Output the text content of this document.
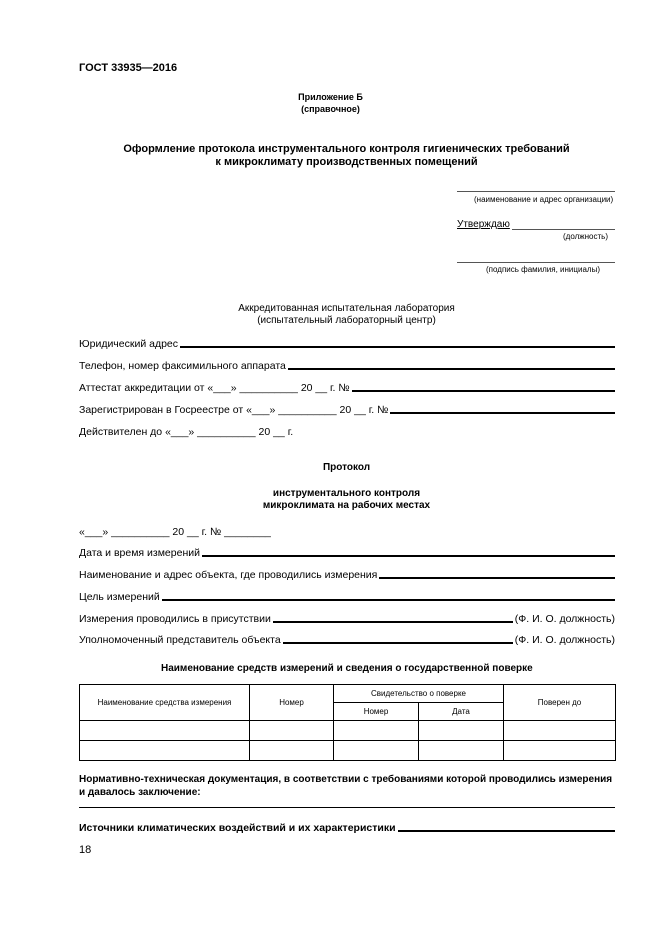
ГОСТ 33935—2016
Приложение Б
(справочное)
Оформление протокола инструментального контроля гигиенических требований
к микроклимату производственных помещений
(наименование и адрес организации)
Утверждаю
(должность)
(подпись фамилия, инициалы)
Аккредитованная испытательная лаборатория
(испытательный лабораторный центр)
Юридический адрес
Телефон, номер факсимильного аппарата
Аттестат аккредитации от «___» __________ 20 __ г. №
Зарегистрирован в Госреестре от «___» __________ 20 __ г. №
Действителен до «___» __________ 20 __ г.
Протокол
инструментального контроля
микроклимата на рабочих местах
«___» __________ 20 __ г. № ________
Дата и время измерений
Наименование и адрес объекта, где проводились измерения
Цель измерений
Измерения проводились в присутствии	(Ф. И. О. должность)
Уполномоченный представитель объекта	(Ф. И. О. должность)
Наименование средств измерений и сведения о государственной поверке
Наименование средства измерения	Номер	Свидетельство о поверке		Поверен до
		Номер	Дата	

Нормативно-техническая документация, в соответствии с требованиями которой проводились измерения
и давалось заключение:
Источники климатических воздействий и их характеристики
18
